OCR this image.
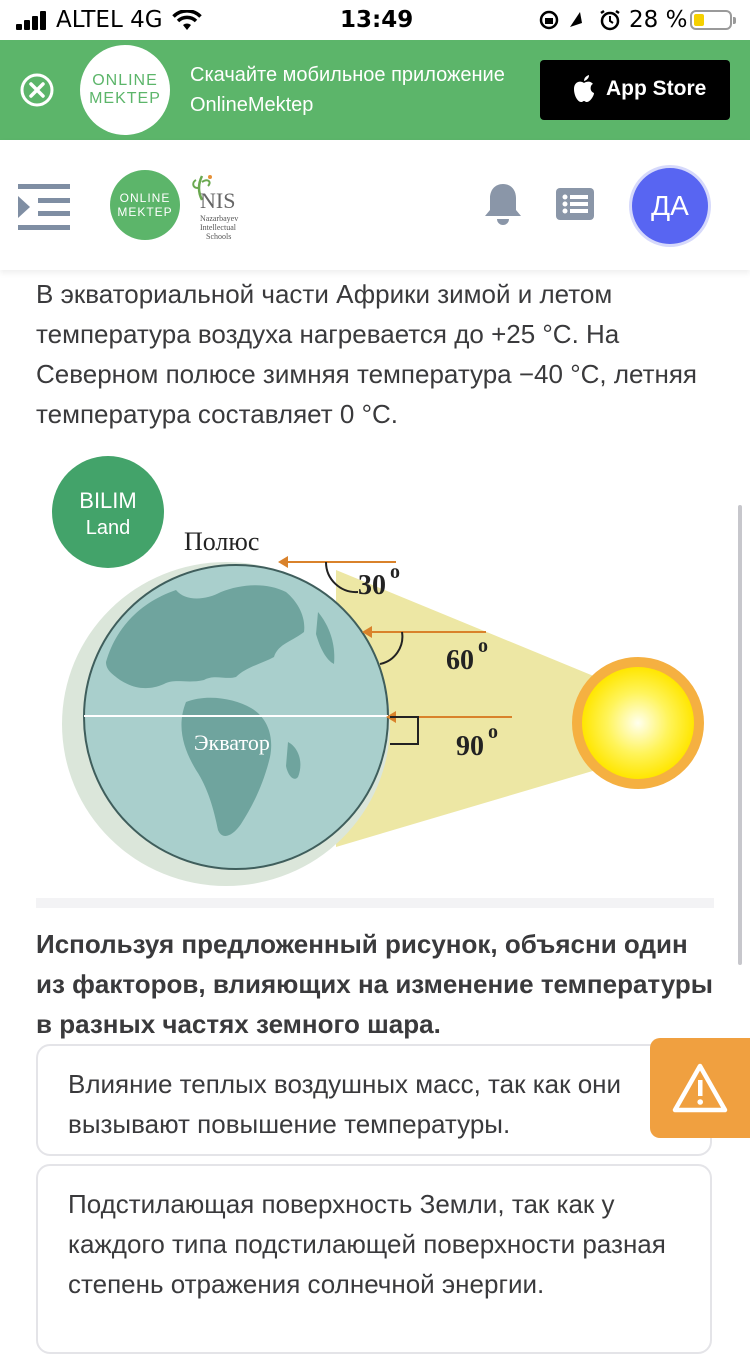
ALTEL 4G	13:49	28 %
ONLINE
MEKTEP
Скачайте мобильное приложение OnlineMektep
App Store
ONLINE
MEKTEP	NIS
Nazarbayev
Intellectual
Schools
ДА

В экваториальной части Африки зимой и летом температура воздуха нагревается до +25 °С. На Северном полюсе зимняя температура −40 °С, летняя температура составляет 0 °С.

Экватор
Полюс
30 o
60 o
90 o
BILIM
Land

Используя предложенный рисунок, объясни один из факторов, влияющих на изменение температуры в разных частях земного шара.

Влияние теплых воздушных масс, так как они вызывают повышение температуры.
Подстилающая поверхность Земли, так как у каждого типа подстилающей поверхности разная степень отражения солнечной энергии.
